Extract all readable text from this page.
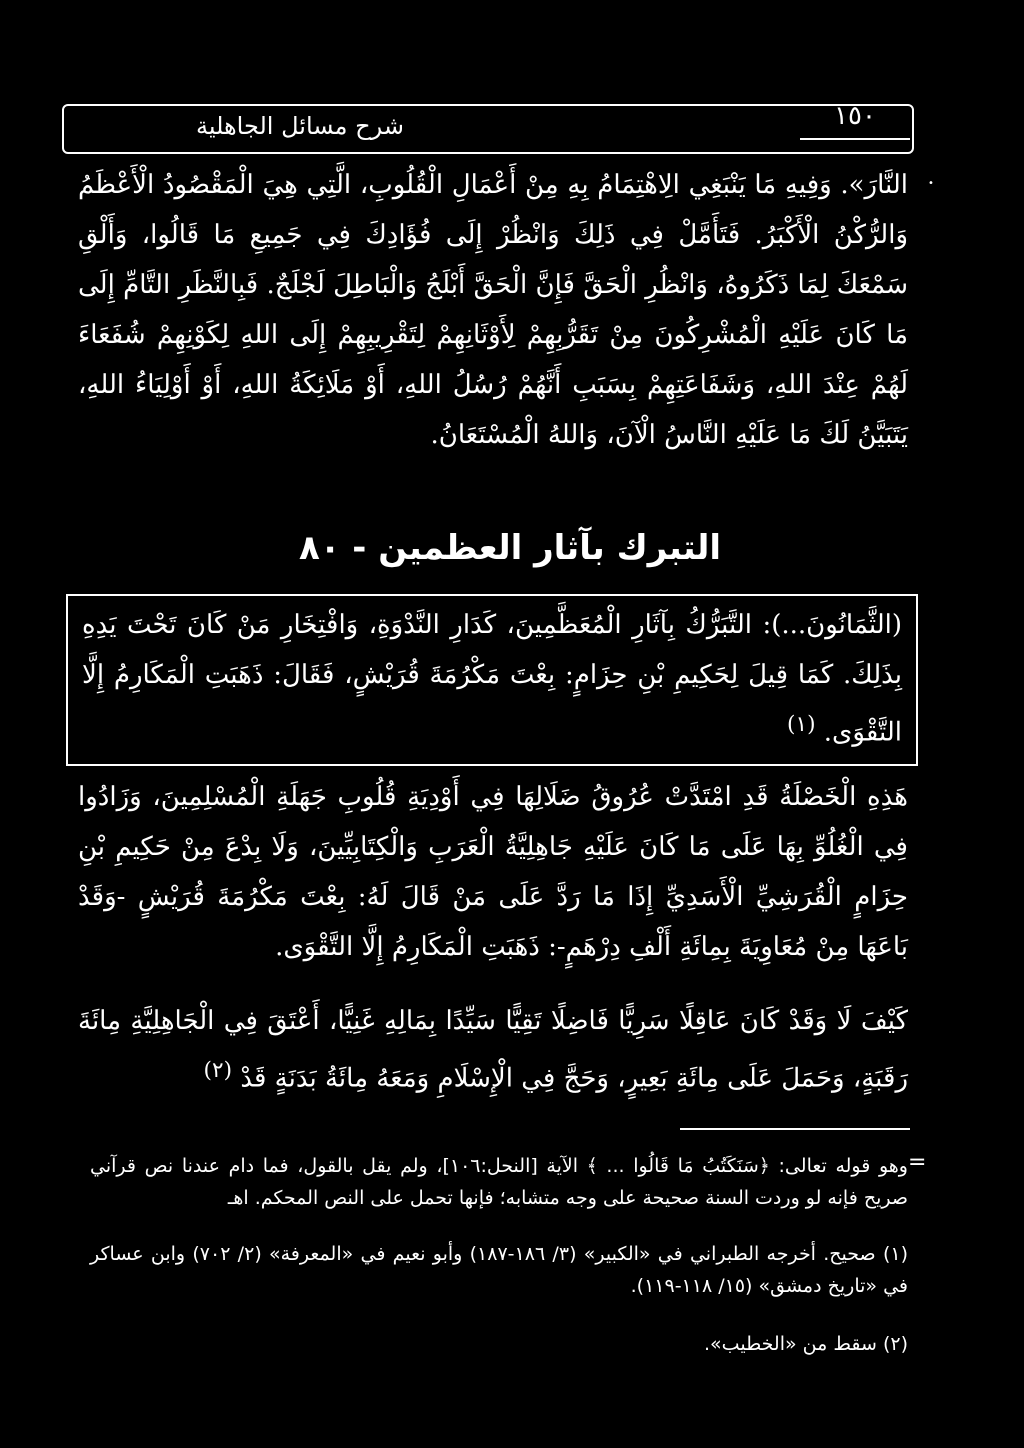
شرح مسائل الجاهلية	١٥٠
•
النَّارَ». وَفِيهِ مَا يَنْبَغِي الِاهْتِمَامُ بِهِ مِنْ أَعْمَالِ الْقُلُوبِ، الَّتِي هِيَ الْمَقْصُودُ الْأَعْظَمُ وَالرُّكْنُ الْأَكْبَرُ. فَتَأَمَّلْ فِي ذَلِكَ وَانْظُرْ إِلَى فُؤَادِكَ فِي جَمِيعِ مَا قَالُوا، وَأَلْقِ سَمْعَكَ لِمَا ذَكَرُوهُ، وَانْظُرِ الْحَقَّ فَإِنَّ الْحَقَّ أَبْلَجُ وَالْبَاطِلَ لَجْلَجٌ. فَبِالنَّظَرِ التَّامِّ إِلَى مَا كَانَ عَلَيْهِ الْمُشْرِكُونَ مِنْ تَقَرُّبِهِمْ لِأَوْثَانِهِمْ لِتَقْرِيبِهِمْ إِلَى اللهِ لِكَوْنِهِمْ شُفَعَاءَ لَهُمْ عِنْدَ اللهِ، وَشَفَاعَتِهِمْ بِسَبَبِ أَنَّهُمْ رُسُلُ اللهِ، أَوْ مَلَائِكَةُ اللهِ، أَوْ أَوْلِيَاءُ اللهِ، يَتَبَيَّنُ لَكَ مَا عَلَيْهِ النَّاسُ الْآنَ، وَاللهُ الْمُسْتَعَانُ.
التبرك بآثار العظمين - ٨٠
(الثَّمَانُونَ...): التَّبَرُّكُ بِآثَارِ الْمُعَظَّمِينَ، كَدَارِ النَّدْوَةِ، وَافْتِخَارِ مَنْ كَانَ تَحْتَ يَدِهِ بِذَلِكَ. كَمَا قِيلَ لِحَكِيمِ بْنِ حِزَامٍ: بِعْتَ مَكْرُمَةَ قُرَيْشٍ، فَقَالَ: ذَهَبَتِ الْمَكَارِمُ إِلَّا التَّقْوَى. $^{(١)}$
هَذِهِ الْخَصْلَةُ قَدِ امْتَدَّتْ عُرُوقُ ضَلَالِهَا فِي أَوْدِيَةِ قُلُوبِ جَهَلَةِ الْمُسْلِمِينَ، وَزَادُوا فِي الْغُلُوِّ بِهَا عَلَى مَا كَانَ عَلَيْهِ جَاهِلِيَّةُ الْعَرَبِ وَالْكِتَابِيِّينَ، وَلَا بِدْعَ مِنْ حَكِيمِ بْنِ حِزَامٍ الْقُرَشِيِّ الْأَسَدِيِّ إِذَا مَا رَدَّ عَلَى مَنْ قَالَ لَهُ: بِعْتَ مَكْرُمَةَ قُرَيْشٍ -وَقَدْ بَاعَهَا مِنْ مُعَاوِيَةَ بِمِائَةِ أَلْفِ دِرْهَمٍ-: ذَهَبَتِ الْمَكَارِمُ إِلَّا التَّقْوَى.
كَيْفَ لَا وَقَدْ كَانَ عَاقِلًا سَرِيًّا فَاضِلًا تَقِيًّا سَيِّدًا بِمَالِهِ غَنِيًّا، أَعْتَقَ فِي الْجَاهِلِيَّةِ مِائَةَ رَقَبَةٍ، وَحَمَلَ عَلَى مِائَةِ بَعِيرٍ، وَحَجَّ فِي الْإِسْلَامِ وَمَعَهُ مِائَةُ بَدَنَةٍ قَدْ $^{(٢)}$
=
وهو قوله تعالى: ﴿سَنَكَتُبُ مَا قَالُوا ... ﴾ الآية [النحل:١٠٦]، ولم يقل بالقول، فما دام عندنا نص قرآني صريح فإنه لو وردت السنة صحيحة على وجه متشابه؛ فإنها تحمل على النص المحكم. اهـ
(١) صحيح. أخرجه الطبراني في «الكبير» (٣/ ١٨٦-١٨٧) وأبو نعيم في «المعرفة» (٢/ ٧٠٢) وابن عساكر في «تاريخ دمشق» (١٥/ ١١٨-١١٩).
(٢) سقط من «الخطيب».
